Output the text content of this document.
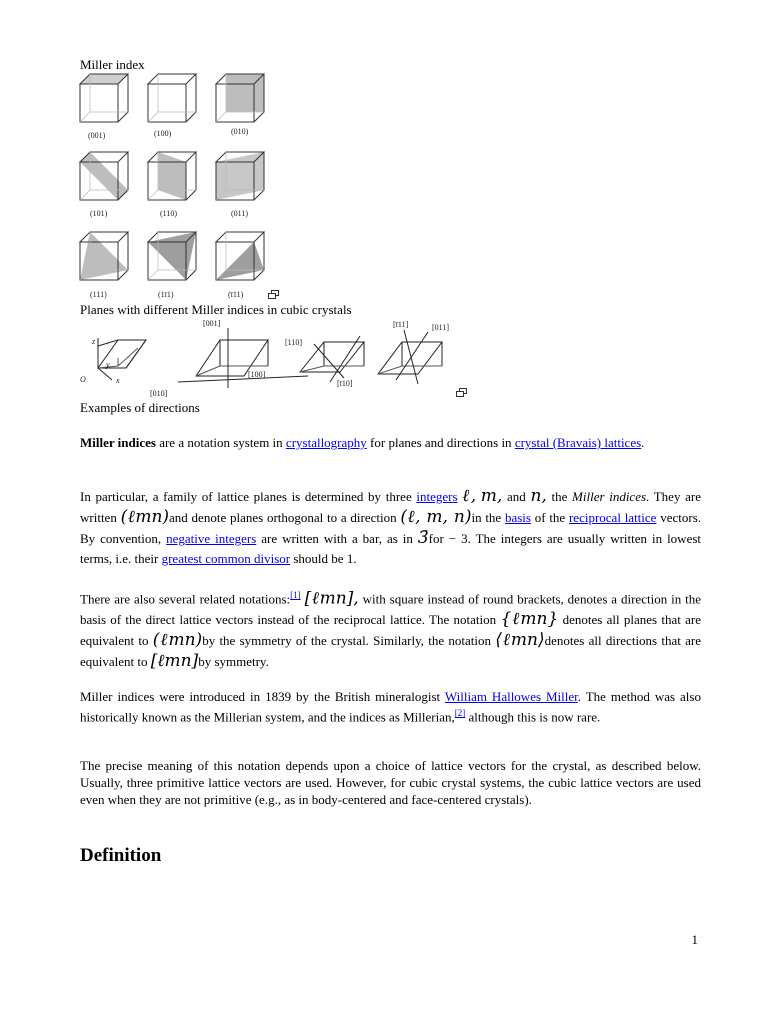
Miller index
(001)	(100)	(010)
(101)	(110)	(011)
(111)	(1ī1)	(ī11)
Planes with different Miller indices in cubic crystals
z
y
x
O
[001]
[010]
[100]
[110]
[ī10]
[ī11]	[011]
Examples of directions
Miller indices are a notation system in crystallography for planes and directions in crystal (Bravais) lattices.
In particular, a family of lattice planes is determined by three integers ℓ, m, and n, the Miller indices. They are written (ℓmn)and denote planes orthogonal to a direction (ℓ, m, n)in the basis of the reciprocal lattice vectors. By convention, negative integers are written with a bar, as in 3̄for − 3. The integers are usually written in lowest terms, i.e. their greatest common divisor should be 1.
There are also several related notations:[1] [ℓmn], with square instead of round brackets, denotes a direction in the basis of the direct lattice vectors instead of the reciprocal lattice. The notation {ℓmn} denotes all planes that are equivalent to (ℓmn)by the symmetry of the crystal. Similarly, the notation ⟨ℓmn⟩denotes all directions that are equivalent to [ℓmn]by symmetry.
Miller indices were introduced in 1839 by the British mineralogist William Hallowes Miller. The method was also historically known as the Millerian system, and the indices as Millerian,[2] although this is now rare.
The precise meaning of this notation depends upon a choice of lattice vectors for the crystal, as described below. Usually, three primitive lattice vectors are used. However, for cubic crystal systems, the cubic lattice vectors are used even when they are not primitive (e.g., as in body-centered and face-centered crystals).
Definition
1
